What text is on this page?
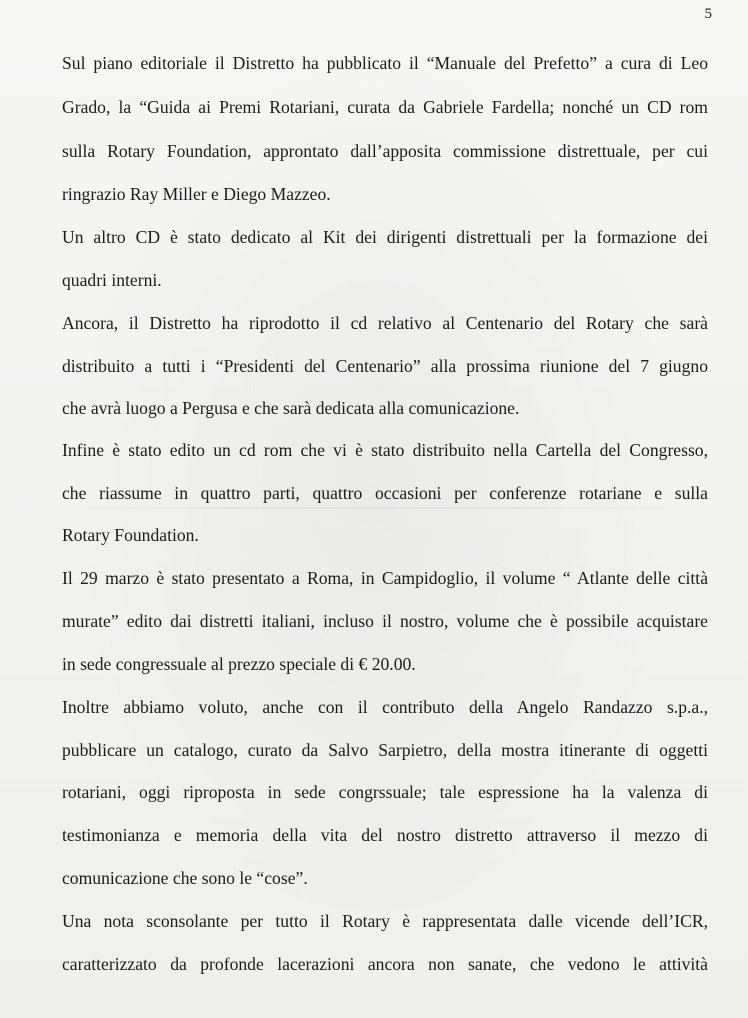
5
Sul piano editoriale il Distretto ha pubblicato il “Manuale del Prefetto” a cura di Leo
Grado, la “Guida ai Premi Rotariani, curata da Gabriele Fardella; nonché un CD rom
sulla Rotary Foundation, approntato dall’apposita commissione distrettuale, per cui
ringrazio Ray Miller e Diego Mazzeo.
Un altro CD è stato dedicato al Kit dei dirigenti distrettuali per la formazione dei
quadri interni.
Ancora, il Distretto ha riprodotto il cd relativo al Centenario del Rotary che sarà
distribuito a tutti i “Presidenti del Centenario” alla prossima riunione del 7 giugno
che avrà luogo a Pergusa e che sarà dedicata alla comunicazione.
Infine è stato edito un cd rom che vi è stato distribuito nella Cartella del Congresso,
che riassume in quattro parti, quattro occasioni per conferenze rotariane e sulla
Rotary Foundation.
Il 29 marzo è stato presentato a Roma, in Campidoglio, il volume “ Atlante delle città
murate” edito dai distretti italiani, incluso il nostro, volume che è possibile acquistare
in sede congressuale al prezzo speciale di € 20.00.
Inoltre abbiamo voluto, anche con il contributo della Angelo Randazzo s.p.a.,
pubblicare un catalogo, curato da Salvo Sarpietro, della mostra itinerante di oggetti
rotariani, oggi riproposta in sede congrssuale; tale espressione ha la valenza di
testimonianza e memoria della vita del nostro distretto attraverso il mezzo di
comunicazione che sono le “cose”.
Una nota sconsolante per tutto il Rotary è rappresentata dalle vicende dell’ICR,
caratterizzato da profonde lacerazioni ancora non sanate, che vedono le attività
